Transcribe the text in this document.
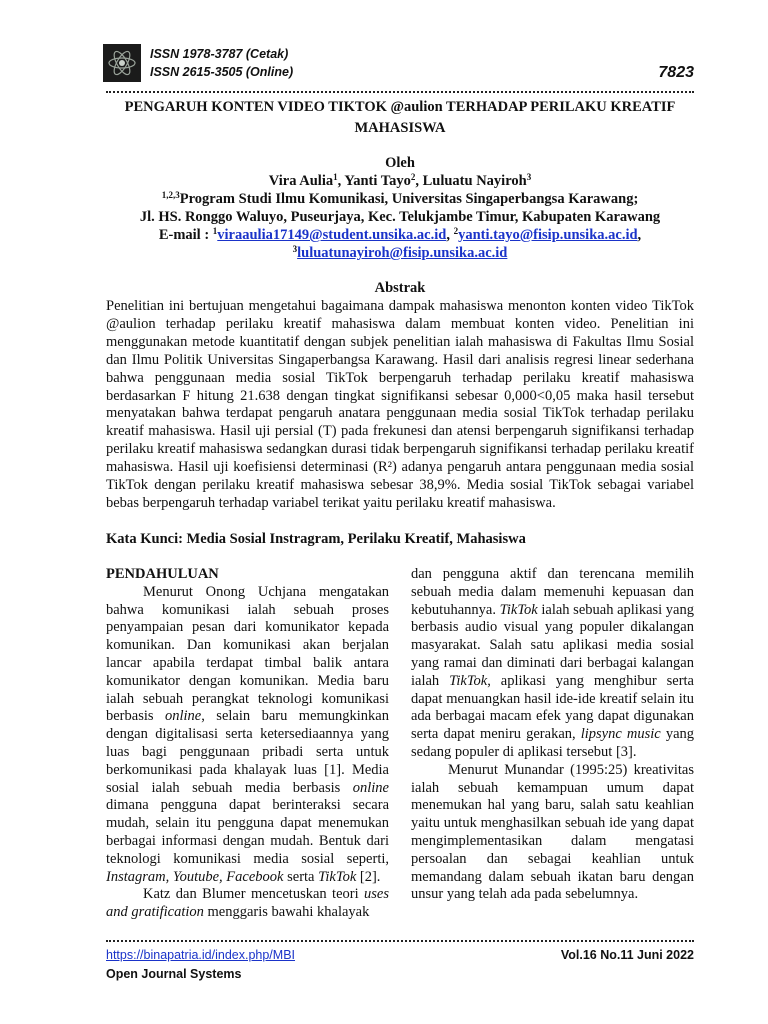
ISSN 1978-3787 (Cetak)
ISSN 2615-3505 (Online)	7823
PENGARUH KONTEN VIDEO TIKTOK @aulion TERHADAP PERILAKU KREATIF
MAHASISWA
Oleh
Vira Aulia$^1$, Yanti Tayo$^2$, Luluatu Nayiroh$^3$
$^{1,2,3}$Program Studi Ilmu Komunikasi, Universitas Singaperbangsa Karawang;
Jl. HS. Ronggo Waluyo, Puseurjaya, Kec. Telukjambe Timur, Kabupaten Karawang
E-mail : $^1$viraaulia17149@student.unsika.ac.id, $^2$yanti.tayo@fisip.unsika.ac.id,
$^3$luluatunayiroh@fisip.unsika.ac.id
Abstrak
Penelitian ini bertujuan mengetahui bagaimana dampak mahasiswa menonton konten video TikTok @aulion terhadap perilaku kreatif mahasiswa dalam membuat konten video. Penelitian ini menggunakan metode kuantitatif dengan subjek penelitian ialah mahasiswa di Fakultas Ilmu Sosial dan Ilmu Politik Universitas Singaperbangsa Karawang. Hasil dari analisis regresi linear sederhana bahwa penggunaan media sosial TikTok berpengaruh terhadap perilaku kreatif mahasiswa berdasarkan F hitung 21.638 dengan tingkat signifikansi sebesar 0,000<0,05 maka hasil tersebut menyatakan bahwa terdapat pengaruh anatara penggunaan media sosial TikTok terhadap perilaku kreatif mahasiswa. Hasil uji persial (T) pada frekunesi dan atensi berpengaruh signifikansi terhadap perilaku kreatif mahasiswa sedangkan durasi tidak berpengaruh signifikansi terhadap perilaku kreatif mahasiswa. Hasil uji koefisiensi determinasi (R²) adanya pengaruh antara penggunaan media sosial TikTok dengan perilaku kreatif mahasiswa sebesar 38,9%. Media sosial TikTok sebagai variabel bebas berpengaruh terhadap variabel terikat yaitu perilaku kreatif mahasiswa.
Kata Kunci: Media Sosial Instragram, Perilaku Kreatif, Mahasiswa

PENDAHULUAN

Menurut Onong Uchjana mengatakan bahwa komunikasi ialah sebuah proses penyampaian pesan dari komunikator kepada komunikan. Dan komunikasi akan berjalan lancar apabila terdapat timbal balik antara komunikator dengan komunikan. Media baru ialah sebuah perangkat teknologi komunikasi berbasis online, selain baru memungkinkan dengan digitalisasi serta ketersediaannya yang luas bagi penggunaan pribadi serta untuk berkomunikasi pada khalayak luas [1]. Media sosial ialah sebuah media berbasis online dimana pengguna dapat berinteraksi secara mudah, selain itu pengguna dapat menemukan berbagai informasi dengan mudah. Bentuk dari teknologi komunikasi media sosial seperti, Instagram, Youtube, Facebook serta TikTok [2].

Katz dan Blumer mencetuskan teori uses and gratification menggaris bawahi khalayak

dan pengguna aktif dan terencana memilih sebuah media dalam memenuhi kepuasan dan kebutuhannya. TikTok ialah sebuah aplikasi yang berbasis audio visual yang populer dikalangan masyarakat. Salah satu aplikasi media sosial yang ramai dan diminati dari berbagai kalangan ialah TikTok, aplikasi yang menghibur serta dapat menuangkan hasil ide-ide kreatif selain itu ada berbagai macam efek yang dapat digunakan serta dapat meniru gerakan, lipsync music yang sedang populer di aplikasi tersebut [3].

Menurut Munandar (1995:25) kreativitas ialah sebuah kemampuan umum dapat menemukan hal yang baru, salah satu keahlian yaitu untuk menghasilkan sebuah ide yang dapat mengimplementasikan dalam mengatasi persoalan dan sebagai keahlian untuk memandang dalam sebuah ikatan baru dengan unsur yang telah ada pada sebelumnya.

https://binapatria.id/index.php/MBI
Open Journal Systems
Vol.16 No.11 Juni 2022
